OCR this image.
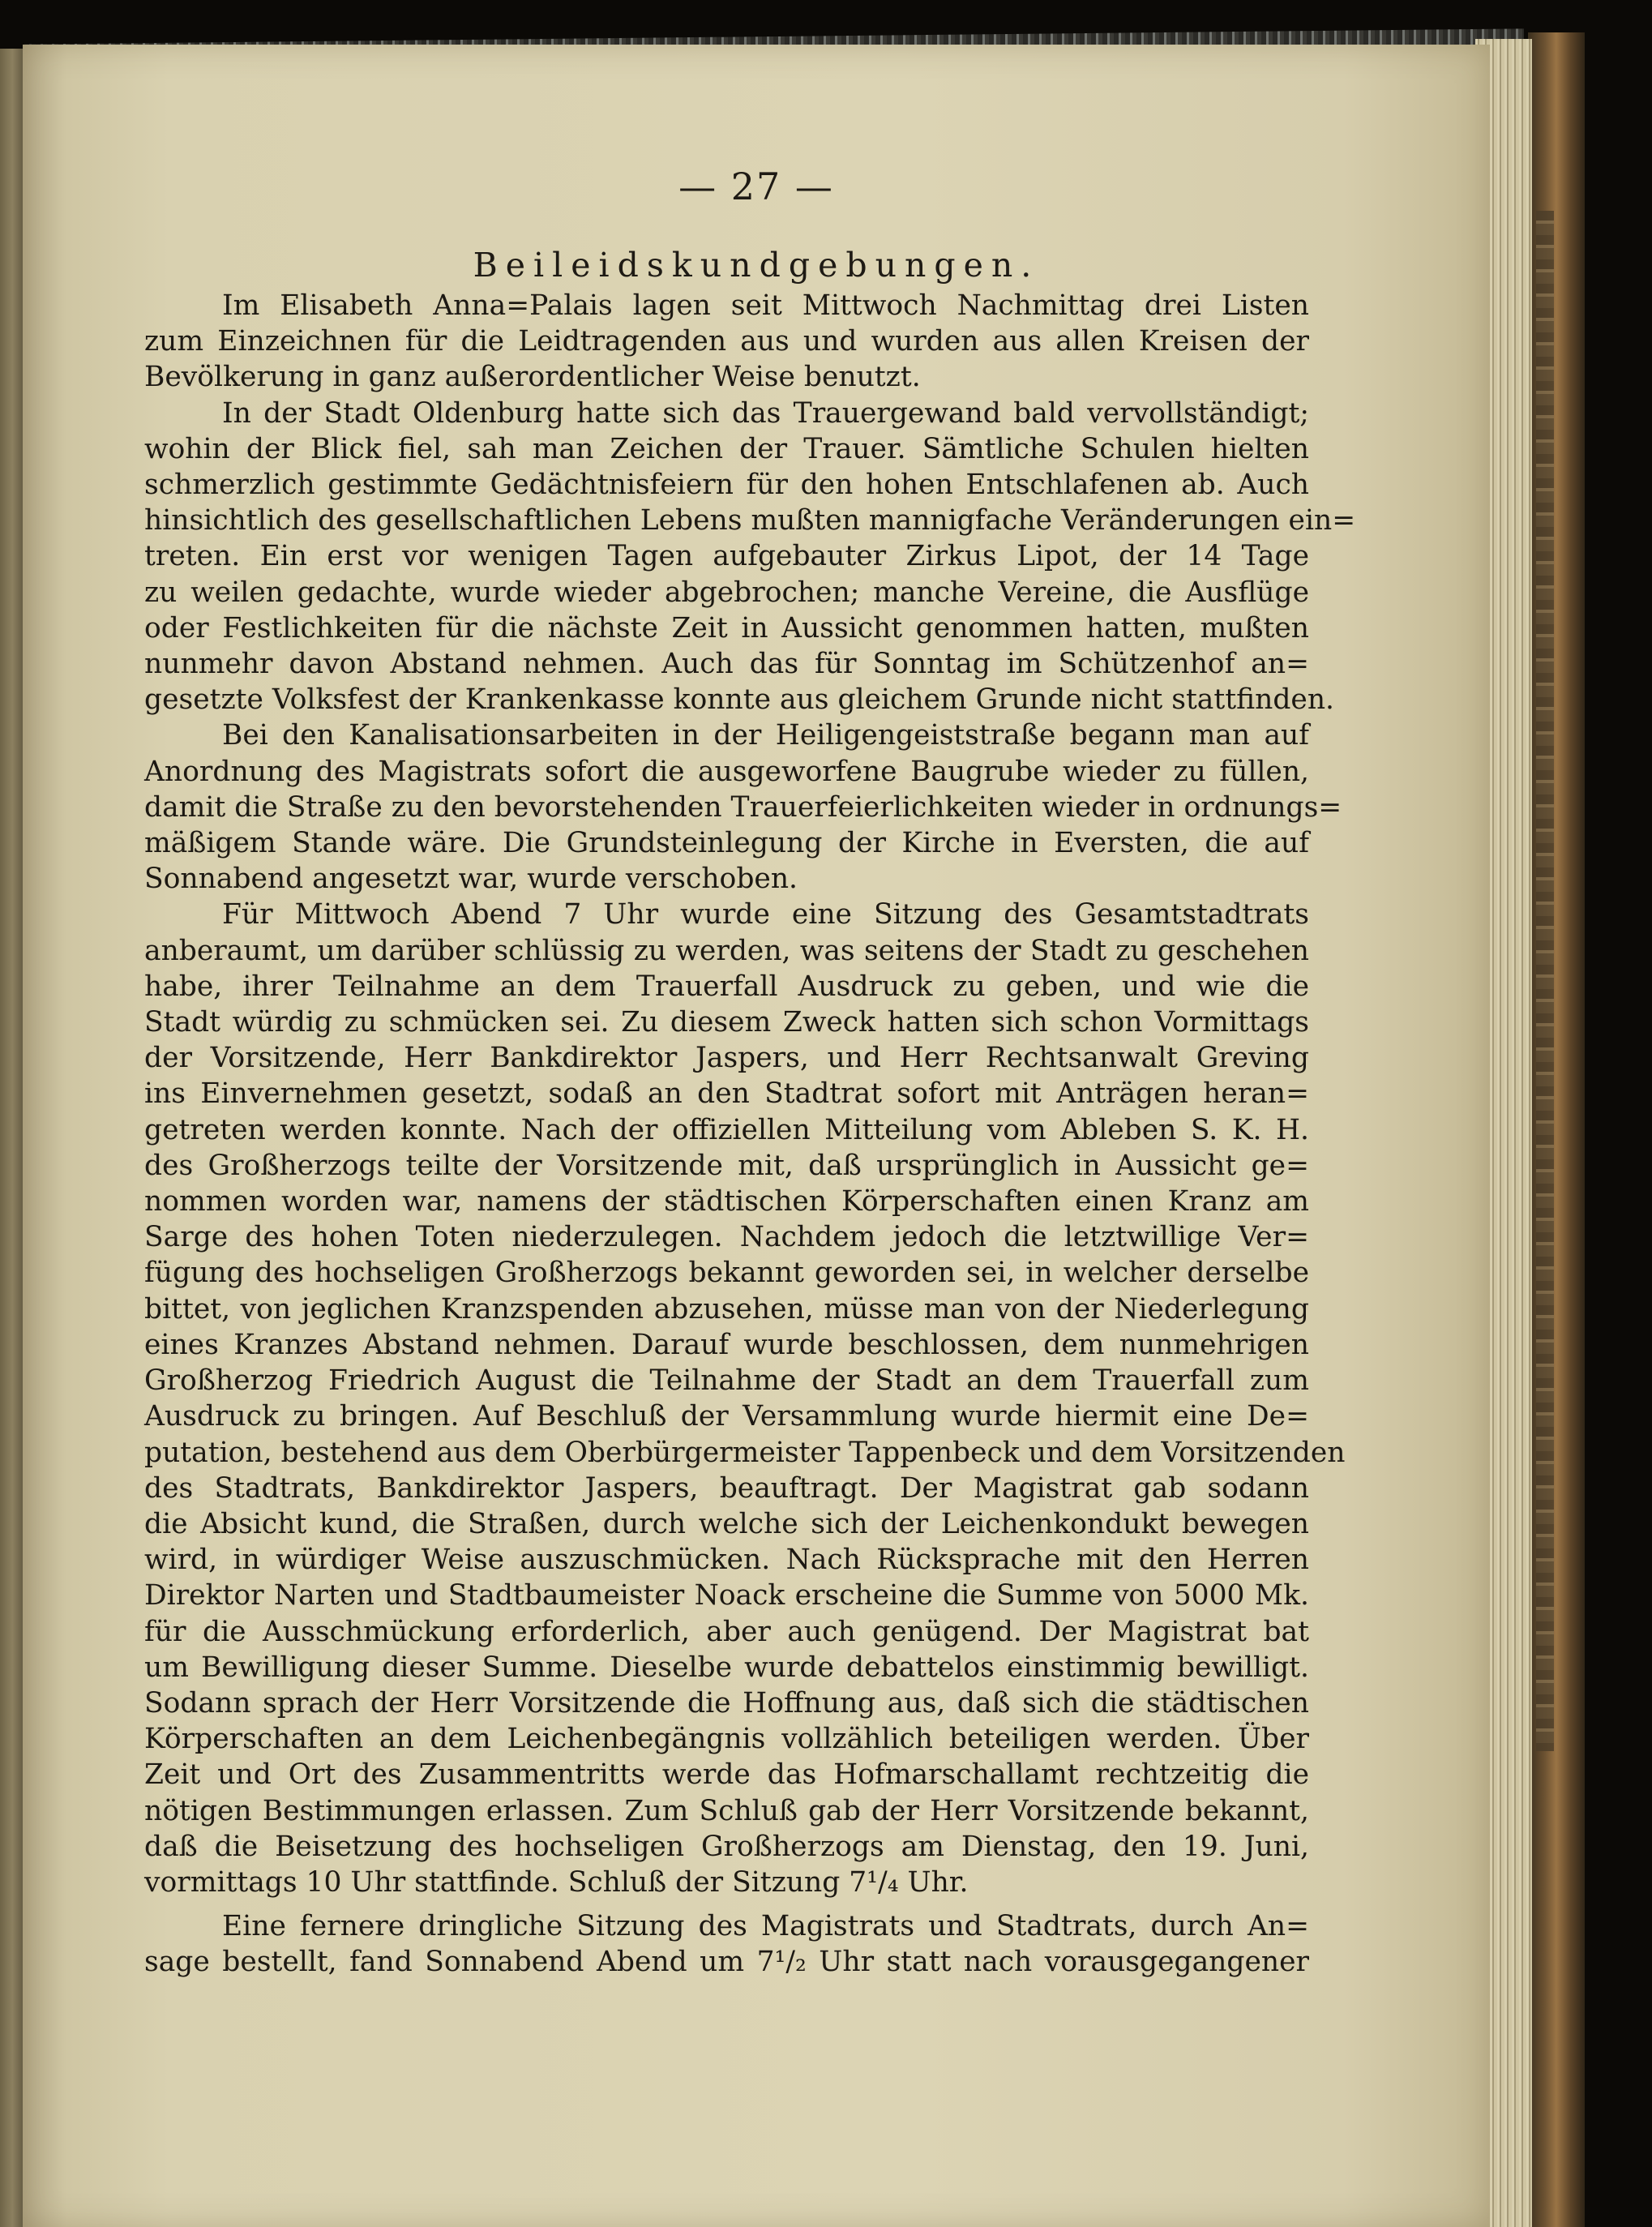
— 27 —
Beileidskundgebungen.
Im Elisabeth Anna=Palais lagen seit Mittwoch Nachmittag drei Listen
zum Einzeichnen für die Leidtragenden aus und wurden aus allen Kreisen der
Bevölkerung in ganz außerordentlicher Weise benutzt.
In der Stadt Oldenburg hatte sich das Trauergewand bald vervollständigt;
wohin der Blick fiel, sah man Zeichen der Trauer. Sämtliche Schulen hielten
schmerzlich gestimmte Gedächtnisfeiern für den hohen Entschlafenen ab. Auch
hinsichtlich des gesellschaftlichen Lebens mußten mannigfache Veränderungen ein=
treten. Ein erst vor wenigen Tagen aufgebauter Zirkus Lipot, der 14 Tage
zu weilen gedachte, wurde wieder abgebrochen; manche Vereine, die Ausflüge
oder Festlichkeiten für die nächste Zeit in Aussicht genommen hatten, mußten
nunmehr davon Abstand nehmen. Auch das für Sonntag im Schützenhof an=
gesetzte Volksfest der Krankenkasse konnte aus gleichem Grunde nicht stattfinden.
Bei den Kanalisationsarbeiten in der Heiligengeiststraße begann man auf
Anordnung des Magistrats sofort die ausgeworfene Baugrube wieder zu füllen,
damit die Straße zu den bevorstehenden Trauerfeierlichkeiten wieder in ordnungs=
mäßigem Stande wäre. Die Grundsteinlegung der Kirche in Eversten, die auf
Sonnabend angesetzt war, wurde verschoben.
Für Mittwoch Abend 7 Uhr wurde eine Sitzung des Gesamtstadtrats
anberaumt, um darüber schlüssig zu werden, was seitens der Stadt zu geschehen
habe, ihrer Teilnahme an dem Trauerfall Ausdruck zu geben, und wie die
Stadt würdig zu schmücken sei. Zu diesem Zweck hatten sich schon Vormittags
der Vorsitzende, Herr Bankdirektor Jaspers, und Herr Rechtsanwalt Greving
ins Einvernehmen gesetzt, sodaß an den Stadtrat sofort mit Anträgen heran=
getreten werden konnte. Nach der offiziellen Mitteilung vom Ableben S. K. H.
des Großherzogs teilte der Vorsitzende mit, daß ursprünglich in Aussicht ge=
nommen worden war, namens der städtischen Körperschaften einen Kranz am
Sarge des hohen Toten niederzulegen. Nachdem jedoch die letztwillige Ver=
fügung des hochseligen Großherzogs bekannt geworden sei, in welcher derselbe
bittet, von jeglichen Kranzspenden abzusehen, müsse man von der Niederlegung
eines Kranzes Abstand nehmen. Darauf wurde beschlossen, dem nunmehrigen
Großherzog Friedrich August die Teilnahme der Stadt an dem Trauerfall zum
Ausdruck zu bringen. Auf Beschluß der Versammlung wurde hiermit eine De=
putation, bestehend aus dem Oberbürgermeister Tappenbeck und dem Vorsitzenden
des Stadtrats, Bankdirektor Jaspers, beauftragt. Der Magistrat gab sodann
die Absicht kund, die Straßen, durch welche sich der Leichenkondukt bewegen
wird, in würdiger Weise auszuschmücken. Nach Rücksprache mit den Herren
Direktor Narten und Stadtbaumeister Noack erscheine die Summe von 5000 Mk.
für die Ausschmückung erforderlich, aber auch genügend. Der Magistrat bat
um Bewilligung dieser Summe. Dieselbe wurde debattelos einstimmig bewilligt.
Sodann sprach der Herr Vorsitzende die Hoffnung aus, daß sich die städtischen
Körperschaften an dem Leichenbegängnis vollzählich beteiligen werden. Über
Zeit und Ort des Zusammentritts werde das Hofmarschallamt rechtzeitig die
nötigen Bestimmungen erlassen. Zum Schluß gab der Herr Vorsitzende bekannt,
daß die Beisetzung des hochseligen Großherzogs am Dienstag, den 19. Juni,
vormittags 10 Uhr stattfinde. Schluß der Sitzung 7¹/₄ Uhr.
Eine fernere dringliche Sitzung des Magistrats und Stadtrats, durch An=
sage bestellt, fand Sonnabend Abend um 7¹/₂ Uhr statt nach vorausgegangener
